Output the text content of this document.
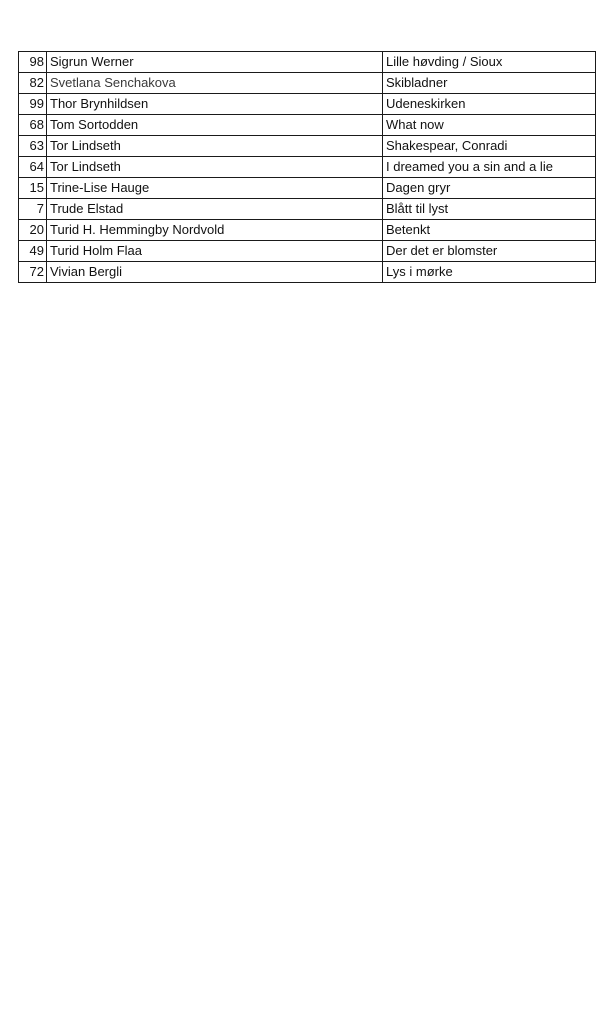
98	Sigrun Werner	Lille høvding / Sioux
82	Svetlana Senchakova	Skibladner
99	Thor Brynhildsen	Udeneskirken
68	Tom Sortodden	What now
63	Tor Lindseth	Shakespear, Conradi
64	Tor Lindseth	I dreamed you a sin and a lie
15	Trine-Lise Hauge	Dagen gryr
7	Trude Elstad	Blått til lyst
20	Turid H. Hemmingby Nordvold	Betenkt
49	Turid Holm Flaa	Der det er blomster
72	Vivian Bergli	Lys i mørke
